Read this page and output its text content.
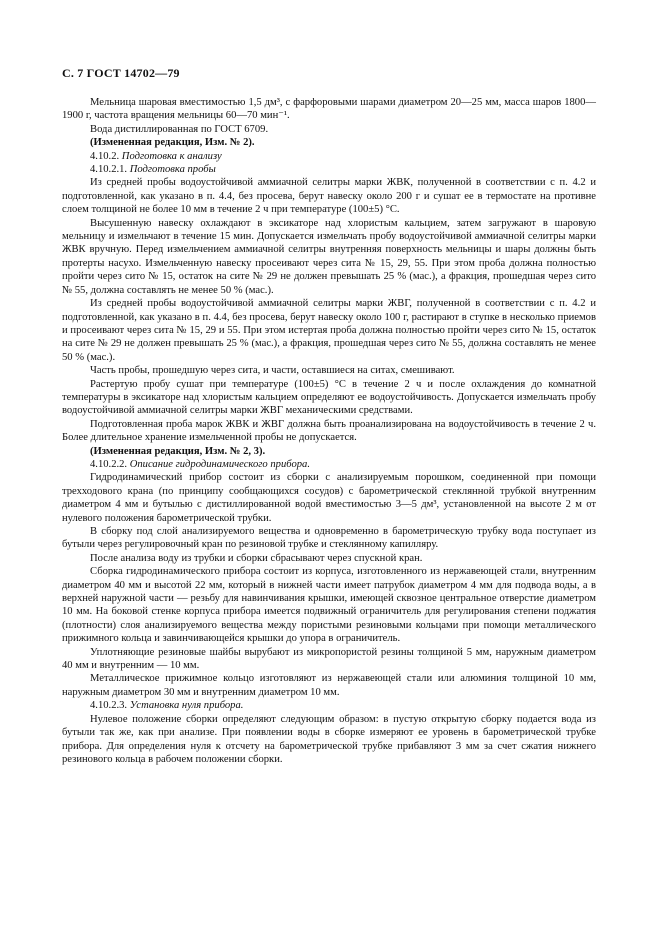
С. 7 ГОСТ 14702—79

Мельница шаровая вместимостью 1,5 дм³, с фарфоровыми шарами диаметром 20—25 мм, масса шаров 1800—1900 г, частота вращения мельницы 60—70 мин⁻¹.

Вода дистиллированная по ГОСТ 6709.

(Измененная редакция, Изм. № 2).

4.10.2. Подготовка к анализу

4.10.2.1. Подготовка пробы

Из средней пробы водоустойчивой аммиачной селитры марки ЖВК, полученной в соответствии с п. 4.2 и подготовленной, как указано в п. 4.4, без просева, берут навеску около 200 г и сушат ее в термостате на противне слоем толщиной не более 10 мм в течение 2 ч при температуре (100±5) °С.

Высушенную навеску охлаждают в эксикаторе над хлористым кальцием, затем загружают в шаровую мельницу и измельчают в течение 15 мин. Допускается измельчать пробу водоустойчивой аммиачной селитры марки ЖВК вручную. Перед измельчением аммиачной селитры внутренняя поверхность мельницы и шары должны быть протерты насухо. Измельченную навеску просеивают через сита № 15, 29, 55. При этом проба должна полностью пройти через сито № 15, остаток на сите № 29 не должен превышать 25 % (мас.), а фракция, прошедшая через сито № 55, должна составлять не менее 50 % (мас.).

Из средней пробы водоустойчивой аммиачной селитры марки ЖВГ, полученной в соответствии с п. 4.2 и подготовленной, как указано в п. 4.4, без просева, берут навеску около 100 г, растирают в ступке в несколько приемов и просеивают через сита № 15, 29 и 55. При этом истертая проба должна полностью пройти через сито № 15, остаток на сите № 29 не должен превышать 25 % (мас.), а фракция, прошедшая через сито № 55, должна составлять не менее 50 % (мас.).

Часть пробы, прошедшую через сита, и части, оставшиеся на ситах, смешивают.

Растертую пробу сушат при температуре (100±5) °С в течение 2 ч и после охлаждения до комнатной температуры в эксикаторе над хлористым кальцием определяют ее водоустойчивость. Допускается измельчать пробу водоустойчивой аммиачной селитры марки ЖВГ механическими средствами.

Подготовленная проба марок ЖВК и ЖВГ должна быть проанализирована на водоустойчивость в течение 2 ч. Более длительное хранение измельченной пробы не допускается.

(Измененная редакция, Изм. № 2, 3).

4.10.2.2. Описание гидродинамического прибора.

Гидродинамический прибор состоит из сборки с анализируемым порошком, соединенной при помощи трехходового крана (по принципу сообщающихся сосудов) с барометрической стеклянной трубкой внутренним диаметром 4 мм и бутылью с дистиллированной водой вместимостью 3—5 дм³, установленной на высоте 2 м от нулевого положения барометрической трубки.

В сборку под слой анализируемого вещества и одновременно в барометрическую трубку вода поступает из бутыли через регулировочный кран по резиновой трубке и стеклянному капилляру.

После анализа воду из трубки и сборки сбрасывают через спускной кран.

Сборка гидродинамического прибора состоит из корпуса, изготовленного из нержавеющей стали, внутренним диаметром 40 мм и высотой 22 мм, который в нижней части имеет патрубок диаметром 4 мм для подвода воды, а в верхней наружной части — резьбу для навинчивания крышки, имеющей сквозное центральное отверстие диаметром 10 мм. На боковой стенке корпуса прибора имеется подвижный ограничитель для регулирования степени поджатия (плотности) слоя анализируемого вещества между пористыми резиновыми кольцами при помощи металлического прижимного кольца и завинчивающейся крышки до упора в ограничитель.

Уплотняющие резиновые шайбы вырубают из микропористой резины толщиной 5 мм, наружным диаметром 40 мм и внутренним — 10 мм.

Металлическое прижимное кольцо изготовляют из нержавеющей стали или алюминия толщиной 10 мм, наружным диаметром 30 мм и внутренним диаметром 10 мм.

4.10.2.3. Установка нуля прибора.

Нулевое положение сборки определяют следующим образом: в пустую открытую сборку подается вода из бутыли так же, как при анализе. При появлении воды в сборке измеряют ее уровень в барометрической трубке прибора. Для определения нуля к отсчету на барометрической трубке прибавляют 3 мм за счет сжатия нижнего резинового кольца в рабочем положении сборки.
